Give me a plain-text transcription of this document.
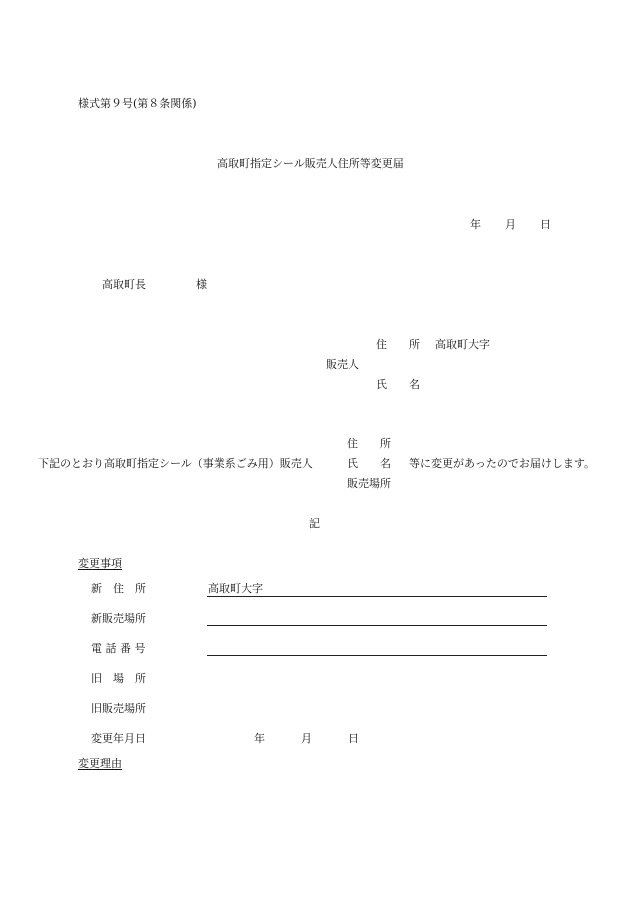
様式第９号(第８条関係)
高取町指定シール販売人住所等変更届
年 月 日
高取町長	様
住　　所 高取町大字
販売人
氏　　名
住　　所
下記のとおり高取町指定シール（事業系ごみ用）販売人	氏　　名 等に変更があったのでお届けします。
販売場所
記
変更事項
新　住　所	高取町大字
新販売場所
電 話 番 号
旧　場　所
旧販売場所
変更年月日	年	月	日
変更理由
